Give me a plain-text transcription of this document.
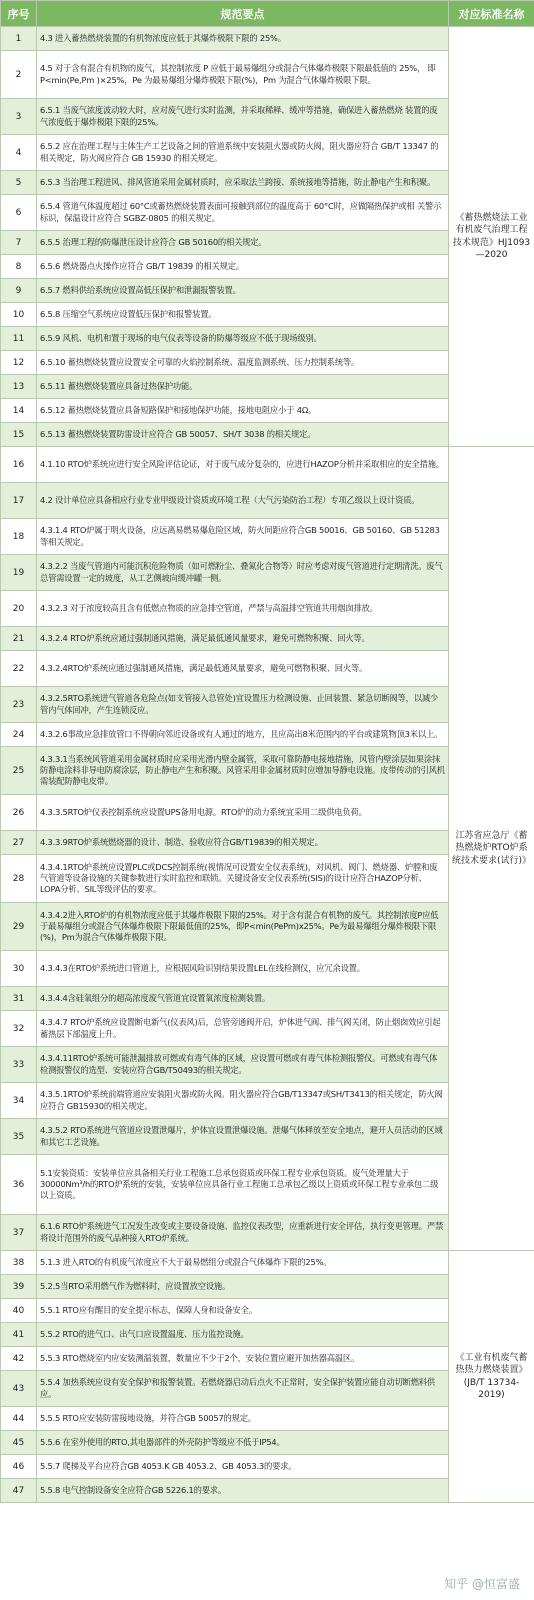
序号	规范要点	对应标准名称
1	4.3 进入蓄热燃烧装置的有机物浓度应低于其爆炸极限下限的 25%。	《蓄热燃烧法工业有机废气治理工程技术规范》HJ1093—2020
2	4.5 对于含有混合有机物的废气，其控制浓度 P 应低于最易爆组分或混合气体爆炸极限下限最低值的 25%， 即 P<min(Pe,Pm )×25%，Pe 为最易爆组分爆炸极限下限(%)，Pm 为混合气体爆炸极限下限。	
3	6.5.1 当废气浓度波动较大时，应对废气进行实时监测，并采取稀释、缓冲等措施，确保进入蓄热燃烧 装置的废气浓度低于爆炸极限下限的25%。	
4	6.5.2 应在治理工程与主体生产工艺设备之间的管道系统中安装阻火器或防火阀，阻火器应符合 GB/T 13347 的相关规定，防火阀应符合 GB 15930 的相关规定。	
5	6.5.3 当治理工程进风、排风管道采用金属材质时，应采取法兰跨接、系统接地等措施，防止静电产生和积聚。	
6	6.5.4 管道气体温度超过 60°C或蓄热燃烧装置表面可接触到部位的温度高于 60°C时，应做隔热保护或相 关警示标识，保温设计应符合 SGBZ-0805 的相关规定。	
7	6.5.5 治理工程的防爆泄压设计应符合 GB 50160的相关规定。	
8	6.5.6 燃烧器点火操作应符合 GB/T 19839 的相关规定。	
9	6.5.7 燃料供给系统应设置高低压保护和泄漏报警装置。	
10	6.5.8 压缩空气系统应设置低压保护和报警装置。	
11	6.5.9 风机、电机和置于现场的电气仪表等设备的防爆等级应不低于现场级别。	
12	6.5.10 蓄热燃烧装置应设置安全可靠的火焰控制系统、温度监测系统、压力控制系统等。	
13	6.5.11 蓄热燃烧装置应具备过热保护功能。	
14	6.5.12 蓄热燃烧装置应具备短路保护和接地保护功能，接地电阻应小于 4Ω。	
15	6.5.13 蓄热燃烧装置防雷设计应符合 GB 50057、SH/T 3038 的相关规定。	
16	4.1.10 RTO炉系统应进行安全风险评估论证，对于废气成分复杂的，应进行HAZOP分析并采取相应的安全措施。	江苏省应急厅《蓄热燃烧炉RTO炉系统技术要求(试行)》
17	4.2 设计单位应具备相应行业专业甲级设计资质或环境工程（大气污染防治工程）专项乙级以上设计资质。	
18	4.3.1.4 RTO炉属于明火设备，应远离易燃易爆危险区域，防火间距应符合GB 50016、GB 50160、GB 51283等相关规定。	
19	4.3.2.2 当废气管道内可能沉积危险物质（如可燃粉尘、叠氮化合物等）时应考虑对废气管道进行定期清洗。废气总管需设置一定的坡度，从工艺侧坡向缓冲罐一侧。	
20	4.3.2.3 对于浓度较高且含有低燃点物质的应急排空管道，严禁与高温排空管道共用烟囱排放。	
21	4.3.2.4 RTO炉系统应通过强制通风措施，满足最低通风量要求，避免可燃物积聚、回火等。	
22	4.3.2.4RTO炉系统应通过强制通风措施，满足最低通风量要求，避免可燃物积聚、回火等。	
23	4.3.2.5RTO系统进气管道各危险点(如支管接入总管处)宜设置压力检测设施、止回装置、紧急切断阀等，以减少管内气体回冲，产生连锁反应。	
24	4.3.2.6事故应急排放管口不得朝向邻近设备或有人通过的地方，且应高出8米范围内的平台或建筑物顶3米以上。	
25	4.3.3.1当系统风管道采用金属材质时应采用光滑内壁金属管，采取可靠防静电接地措施，风管内壁涂层如果涂抹防静电涂料非导电防腐涂层，防止静电产生和积聚。风管采用非金属材质时应增加导静电设施。皮带传动的引风机需装配防静电皮带。	
26	4.3.3.5RTO炉仪表控制系统应设置UPS备用电源。RTO炉的动力系统宜采用二级供电负荷。	
27	4.3.3.9RTO炉系统燃烧器的设计、制造、验收应符合GB/T19839的相关规定。	
28	4.3.4.1RTO炉系统应设置PLC或DCS控制系统(视情况可设置安全仪表系统)，对风机、阀门、燃烧器、炉膛和废气管道等设备设施的关键参数进行实时监控和联锁。关键设备安全仪表系统(SIS)的设计应符合HAZOP分析、LOPA分析、SIL等级评估的要求。	
29	4.3.4.2进入RTO炉的有机物浓度应低于其爆炸极限下限的25%。对于含有混合有机物的废气。其控制浓度P应低于最易爆组分或混合气体爆炸极限下限最低值的25%，即P<min(PePm)x25%。Pe为最易爆组分爆炸极限下限(%)，Pm为混合气体爆炸极限下限。	
30	4.3.4.3在RTO炉系统进口管道上，应根据风险识别结果设置LEL在线检测仪，应冗余设置。	
31	4.3.4.4含硅氧组分的超高浓度废气管道宜设置氧浓度检测装置。	
32	4.3.4.7 RTO炉系统应设置断电新气(仪表风)后，总管旁通阀开启，炉体进气阀、排气阀关闭，防止烟囱效应引起蓄热层下部温度上升。	
33	4.3.4.11RTO炉系统可能泄漏排放可燃或有毒气体的区域，应设置可燃或有毒气体检测报警仪。可燃或有毒气体检测报警仪的选型、安装应符合GB/T50493的相关规定。	
34	4.3.5.1RTO炉系统前端管道应安装阻火器或防火阀。阻火器应符合GB/T13347或SH/T3413的相关规定，防火阀应符合 GB15930的相关规定。	
35	4.3.5.2 RTO系统进气管道应设置泄爆片，炉体宜设置泄爆设施。泄爆气体释放至安全地点，避开人员活动的区域和其它工艺设施。	
36	5.1安装资质：安装单位应具备相关行业工程施工总承包资质或环保工程专业承包资质。废气处理量大于30000Nm³/h的RTO炉系统的安装，安装单位应具备行业工程施工总承包乙级以上资质或环保工程专业承包二级以上资质。	
37	6.1.6 RTO炉系统进气工况发生改变或主要设备设施、监控仪表改型，应重新进行安全评估，执行变更管理。严禁将设计范围外的废气品种接入RTO炉系统。	
38	5.1.3 进入RTO的有机废气浓度应不大于最易燃组分或混合气体爆炸下限的25%。	《工业有机废气蓄热热力燃烧装置》(JB/T 13734-2019)
39	5.2.5当RTO采用燃气作为燃料时，应设置放空设施。	
40	5.5.1 RTO应有醒目的安全提示标志，保障人身和设备安全。	
41	5.5.2 RTO的进气口、出气口应设置温度、压力监控设施。	
42	5.5.3 RTO燃烧室内应安装测温装置，数量应不少于2个，安装位置应避开加热器高温区。	
43	5.5.4 加热系统应设有安全保护和报警装置。若燃烧器启动后点火不正常时，安全保护装置应能自动切断燃料供应。	
44	5.5.5 RTO应安装防雷接地设施，并符合GB 50057的规定。	
45	5.5.6 在室外使用的RTO,其电器部件的外壳防护等级应不低于IP54。	
46	5.5.7 爬梯及平台应符合GB 4053.K GB 4053.2、GB 4053.3的要求。	
47	5.5.8 电气控制设备安全应符合GB 5226.1的要求。	
知乎 @恒富盛
